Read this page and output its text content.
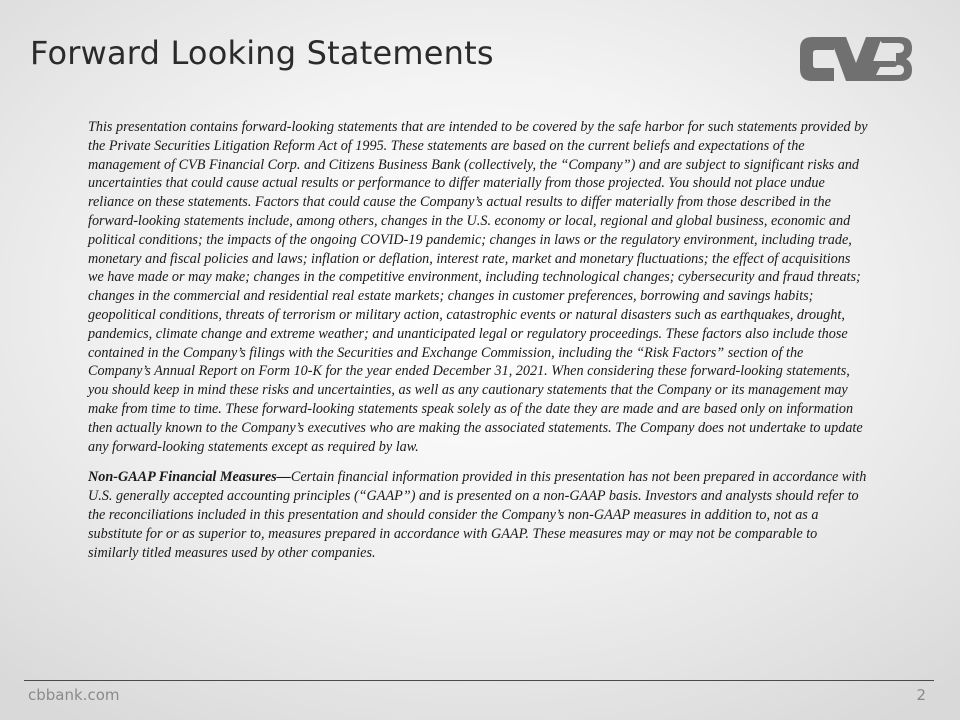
Forward Looking Statements

This presentation contains forward-looking statements that are intended to be covered by the safe harbor for such statements provided by the Private Securities Litigation Reform Act of 1995. These statements are based on the current beliefs and expectations of the management of CVB Financial Corp. and Citizens Business Bank (collectively, the “Company”) and are subject to significant risks and uncertainties that could cause actual results or performance to differ materially from those projected. You should not place undue reliance on these statements. Factors that could cause the Company’s actual results to differ materially from those described in the forward-looking statements include, among others, changes in the U.S. economy or local, regional and global business, economic and political conditions; the impacts of the ongoing COVID-19 pandemic; changes in laws or the regulatory environment, including trade, monetary and fiscal policies and laws; inflation or deflation, interest rate, market and monetary fluctuations; the effect of acquisitions we have made or may make; changes in the competitive environment, including technological changes; cybersecurity and fraud threats; changes in the commercial and residential real estate markets; changes in customer preferences, borrowing and savings habits; geopolitical conditions, threats of terrorism or military action, catastrophic events or natural disasters such as earthquakes, drought, pandemics, climate change and extreme weather; and unanticipated legal or regulatory proceedings. These factors also include those contained in the Company’s filings with the Securities and Exchange Commission, including the “Risk Factors” section of the Company’s Annual Report on Form 10-K for the year ended December 31, 2021. When considering these forward-looking statements, you should keep in mind these risks and uncertainties, as well as any cautionary statements that the Company or its management may make from time to time. These forward-looking statements speak solely as of the date they are made and are based only on information then actually known to the Company’s executives who are making the associated statements. The Company does not undertake to update any forward-looking statements except as required by law.

Non-GAAP Financial Measures—Certain financial information provided in this presentation has not been prepared in accordance with U.S. generally accepted accounting principles (“GAAP”) and is presented on a non-GAAP basis. Investors and analysts should refer to the reconciliations included in this presentation and should consider the Company’s non-GAAP measures in addition to, not as a substitute for or as superior to, measures prepared in accordance with GAAP. These measures may or may not be comparable to similarly titled measures used by other companies.

cbbank.com	2
